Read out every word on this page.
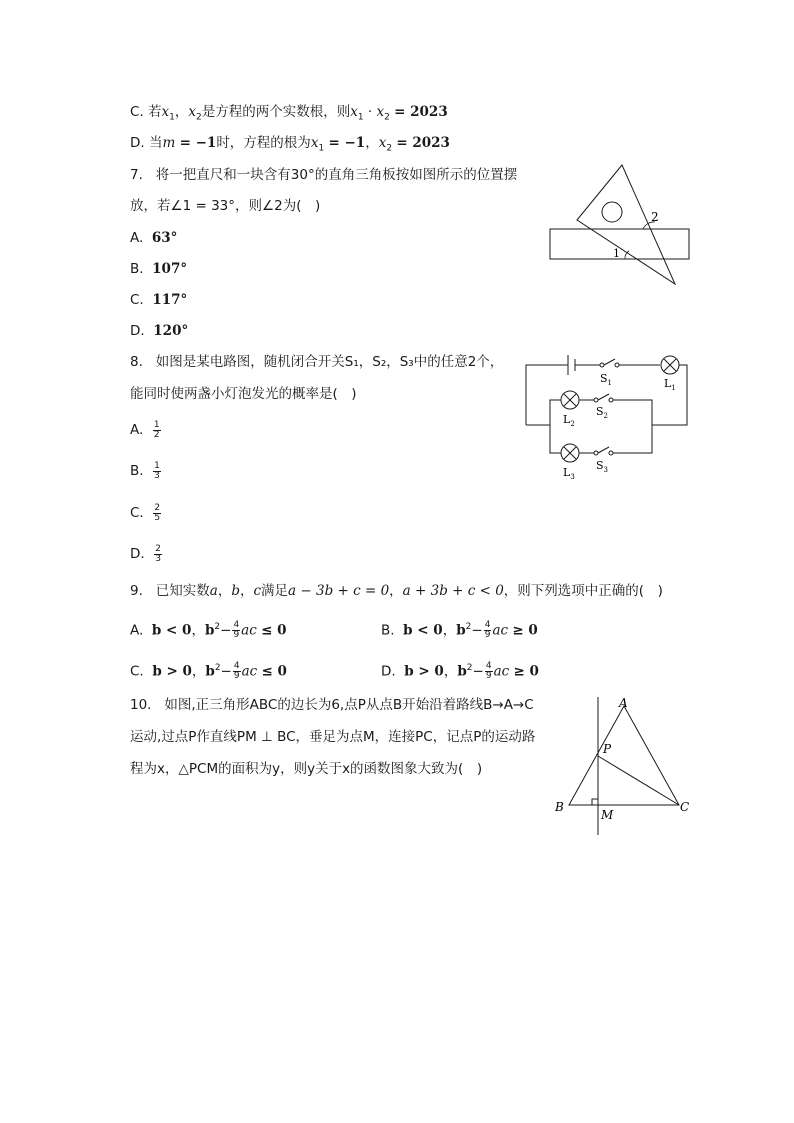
C. 若$x_1$，$x_2$是方程的两个实数根，则$x_1 \cdot x_2 = 2023$
D. 当m = −1时，方程的根为$x_1 = -1$，$x_2 = 2023$
7. 将一把直尺和一块含有30°的直角三角板按如图所示的位置摆
放，若∠1 = 33°，则∠2为(　)
A. 63°
B. 107°
C. 117°
D. 120°
2
1
8. 如图是某电路图，随机闭合开关S₁，S₂，S₃中的任意2个，
能同时使两盏小灯泡发光的概率是(　)
A. $\frac{1}{2}$
B. $\frac{1}{3}$
C. $\frac{2}{5}$
D. $\frac{2}{3}$
$S_1$	$L_1$
$S_2$
$L_2$
$S_3$
$L_3$
9. 已知实数a，b，c满足a − 3b + c = 0，a + 3b + c < 0，则下列选项中正确的(　)
A. b < 0，$b^2- \frac{4}{9}$ ac ≤ 0	B. b < 0，$b^2- \frac{4}{9}$ ac ≥ 0
C. b > 0，$b^2- \frac{4}{9}$ ac ≤ 0	D. b > 0，$b^2- \frac{4}{9}$ ac ≥ 0
10. 如图,正三角形ABC的边长为6,点P从点B开始沿着路线B→A→C
运动,过点P作直线PM ⊥ BC，垂足为点M，连接PC，记点P的运动路
程为x，△PCM的面积为y，则y关于x的函数图象大致为(　)
A
B	C
P
M
